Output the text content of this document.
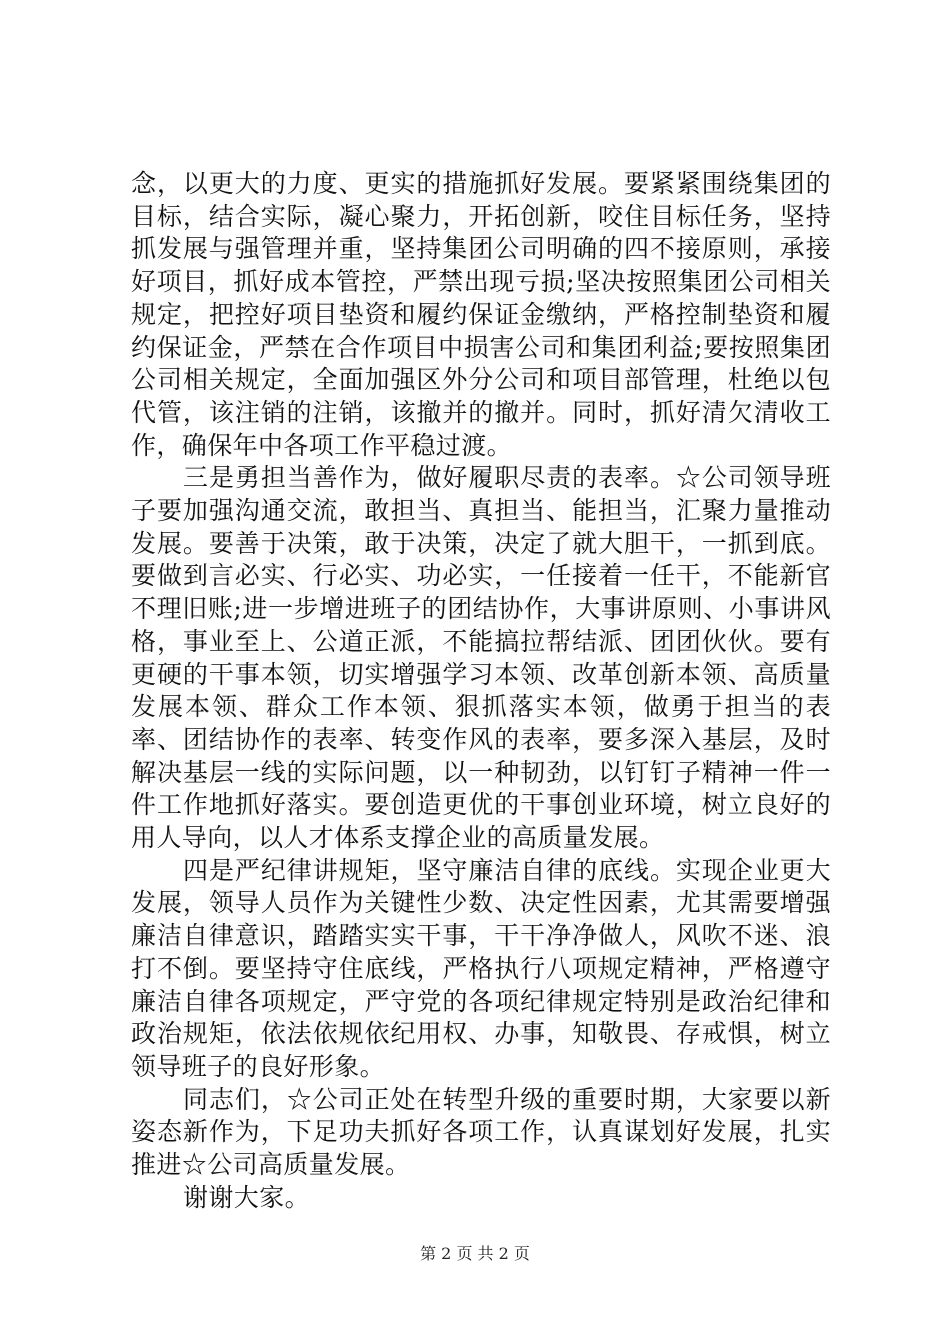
念，以更大的力度、更实的措施抓好发展。要紧紧围绕集团的目标，结合实际，凝心聚力，开拓创新，咬住目标任务，坚持抓发展与强管理并重，坚持集团公司明确的四不接原则，承接好项目，抓好成本管控，严禁出现亏损;坚决按照集团公司相关规定，把控好项目垫资和履约保证金缴纳，严格控制垫资和履约保证金，严禁在合作项目中损害公司和集团利益;要按照集团公司相关规定，全面加强区外分公司和项目部管理，杜绝以包代管，该注销的注销，该撤并的撤并。同时，抓好清欠清收工作，确保年中各项工作平稳过渡。

三是勇担当善作为，做好履职尽责的表率。☆公司领导班子要加强沟通交流，敢担当、真担当、能担当，汇聚力量推动发展。要善于决策，敢于决策，决定了就大胆干，一抓到底。要做到言必实、行必实、功必实，一任接着一任干，不能新官不理旧账;进一步增进班子的团结协作，大事讲原则、小事讲风格，事业至上、公道正派，不能搞拉帮结派、团团伙伙。要有更硬的干事本领，切实增强学习本领、改革创新本领、高质量发展本领、群众工作本领、狠抓落实本领，做勇于担当的表率、团结协作的表率、转变作风的表率，要多深入基层，及时解决基层一线的实际问题，以一种韧劲，以钉钉子精神一件一件工作地抓好落实。要创造更优的干事创业环境，树立良好的用人导向，以人才体系支撑企业的高质量发展。

四是严纪律讲规矩，坚守廉洁自律的底线。实现企业更大发展，领导人员作为关键性少数、决定性因素，尤其需要增强廉洁自律意识，踏踏实实干事，干干净净做人，风吹不迷、浪打不倒。要坚持守住底线，严格执行八项规定精神，严格遵守廉洁自律各项规定，严守党的各项纪律规定特别是政治纪律和政治规矩，依法依规依纪用权、办事，知敬畏、存戒惧，树立领导班子的良好形象。

同志们，☆公司正处在转型升级的重要时期，大家要以新姿态新作为，下足功夫抓好各项工作，认真谋划好发展，扎实推进☆公司高质量发展。

谢谢大家。

第 2 页 共 2 页
